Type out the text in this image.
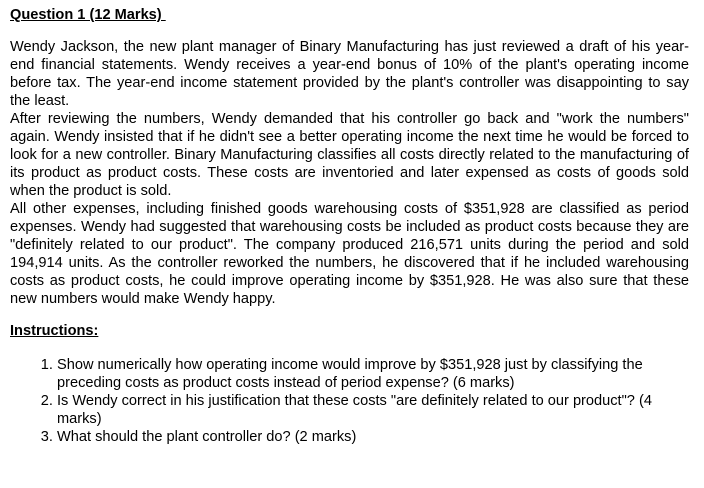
Question 1 (12 Marks)

Wendy Jackson, the new plant manager of Binary Manufacturing has just reviewed a draft of his year-end financial statements. Wendy receives a year-end bonus of 10% of the plant's operating income before tax. The year-end income statement provided by the plant's controller was disappointing to say the least.

After reviewing the numbers, Wendy demanded that his controller go back and "work the numbers" again. Wendy insisted that if he didn't see a better operating income the next time he would be forced to look for a new controller. Binary Manufacturing classifies all costs directly related to the manufacturing of its product as product costs. These costs are inventoried and later expensed as costs of goods sold when the product is sold.

All other expenses, including finished goods warehousing costs of $351,928 are classified as period expenses. Wendy had suggested that warehousing costs be included as product costs because they are "definitely related to our product". The company produced 216,571 units during the period and sold 194,914 units. As the controller reworked the numbers, he discovered that if he included warehousing costs as product costs, he could improve operating income by $351,928. He was also sure that these new numbers would make Wendy happy.

Instructions:
1. Show numerically how operating income would improve by $351,928 just by classifying the preceding costs as product costs instead of period expense? (6 marks)
2. Is Wendy correct in his justification that these costs "are definitely related to our product"? (4 marks)
3. What should the plant controller do? (2 marks)
